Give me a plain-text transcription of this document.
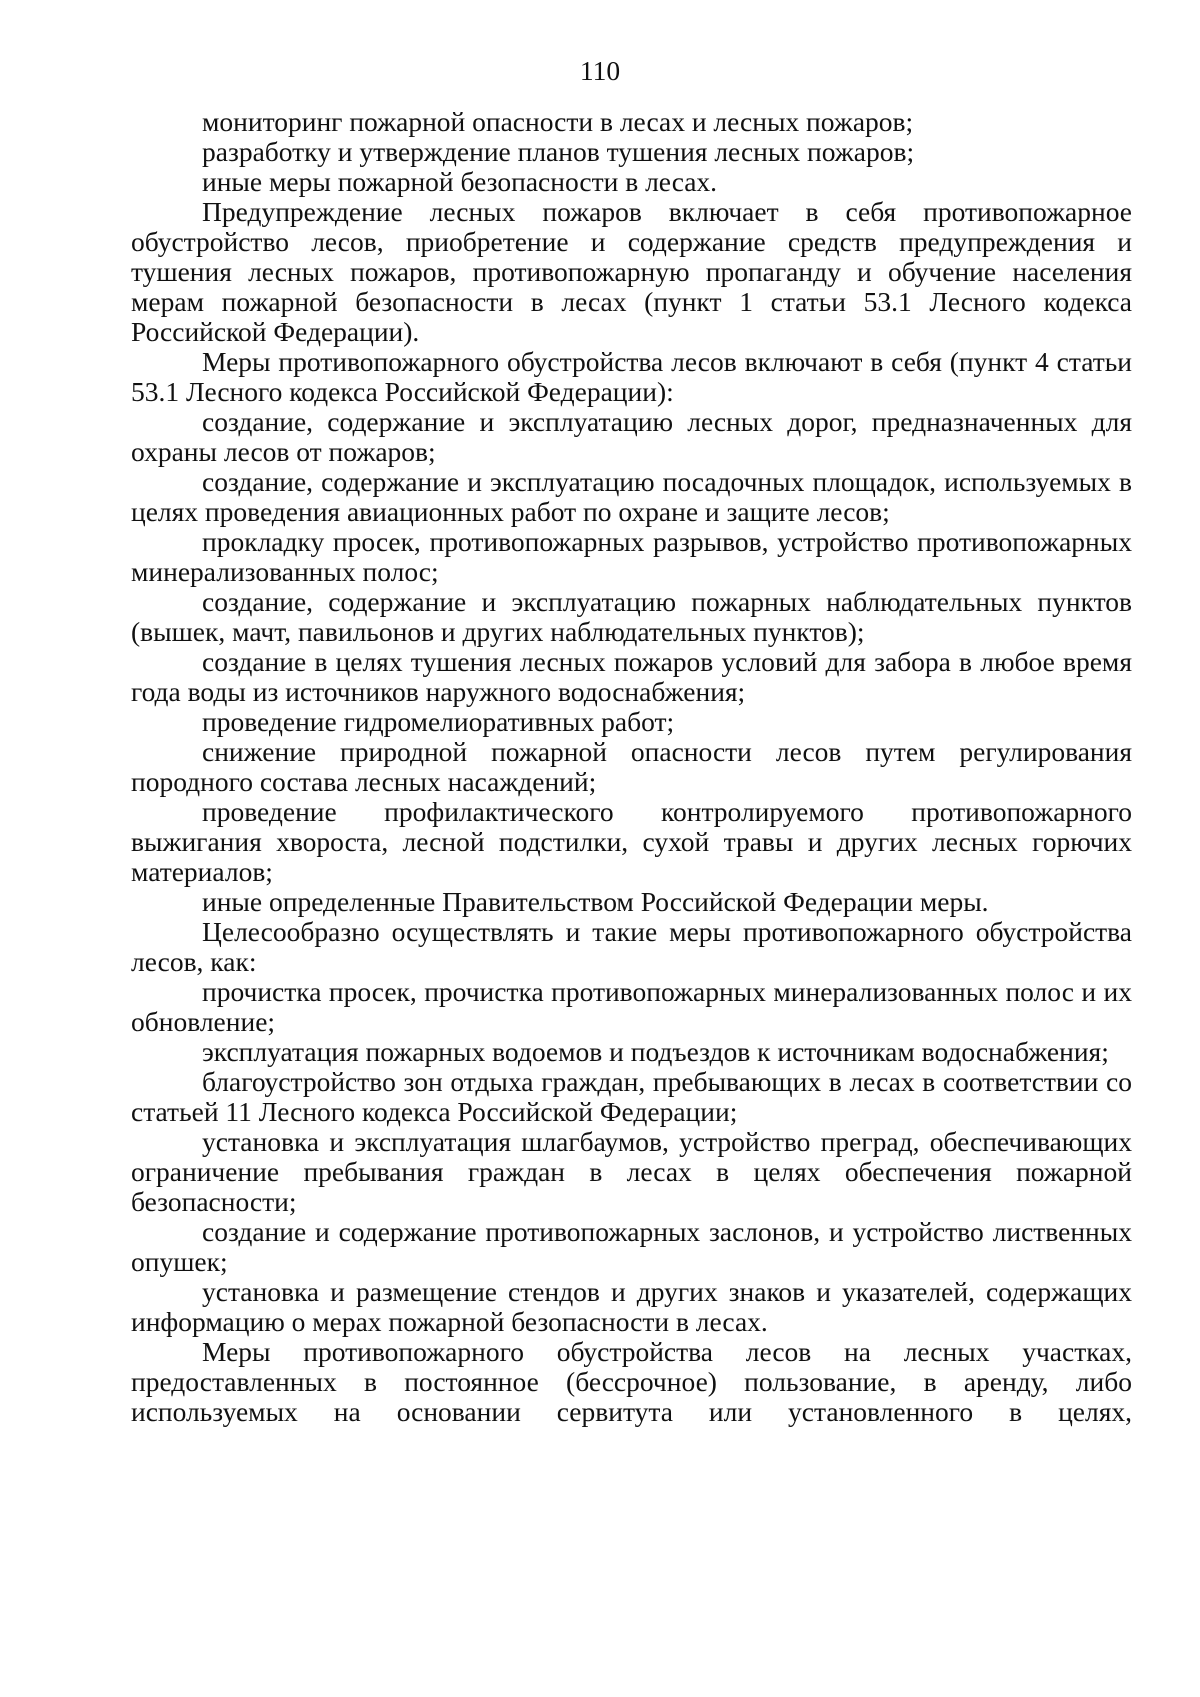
110

мониторинг пожарной опасности в лесах и лесных пожаров;

разработку и утверждение планов тушения лесных пожаров;

иные меры пожарной безопасности в лесах.

Предупреждение лесных пожаров включает в себя противопожарное обустройство лесов, приобретение и содержание средств предупреждения и тушения лесных пожаров, противопожарную пропаганду и обучение населения мерам пожарной безопасности в лесах (пункт 1 статьи 53.1 Лесного кодекса Российской Федерации).

Меры противопожарного обустройства лесов включают в себя (пункт 4 статьи 53.1 Лесного кодекса Российской Федерации):

создание, содержание и эксплуатацию лесных дорог, предназначенных для охраны лесов от пожаров;

создание, содержание и эксплуатацию посадочных площадок, используемых в целях проведения авиационных работ по охране и защите лесов;

прокладку просек, противопожарных разрывов, устройство противопожарных минерализованных полос;

создание, содержание и эксплуатацию пожарных наблюдательных пунктов (вышек, мачт, павильонов и других наблюдательных пунктов);

создание в целях тушения лесных пожаров условий для забора в любое время года воды из источников наружного водоснабжения;

проведение гидромелиоративных работ;

снижение природной пожарной опасности лесов путем регулирования породного состава лесных насаждений;

проведение профилактического контролируемого противопожарного выжигания хвороста, лесной подстилки, сухой травы и других лесных горючих материалов;

иные определенные Правительством Российской Федерации меры.

Целесообразно осуществлять и такие меры противопожарного обустройства лесов, как:

прочистка просек, прочистка противопожарных минерализованных полос и их обновление;

эксплуатация пожарных водоемов и подъездов к источникам водоснабжения;

благоустройство зон отдыха граждан, пребывающих в лесах в соответствии со статьей 11 Лесного кодекса Российской Федерации;

установка и эксплуатация шлагбаумов, устройство преград, обеспечивающих ограничение пребывания граждан в лесах в целях обеспечения пожарной безопасности;

создание и содержание противопожарных заслонов, и устройство лиственных опушек;

установка и размещение стендов и других знаков и указателей, содержащих информацию о мерах пожарной безопасности в лесах.

Меры противопожарного обустройства лесов на лесных участках, предоставленных в постоянное (бессрочное) пользование, в аренду, либо используемых на основании сервитута или установленного в целях,
